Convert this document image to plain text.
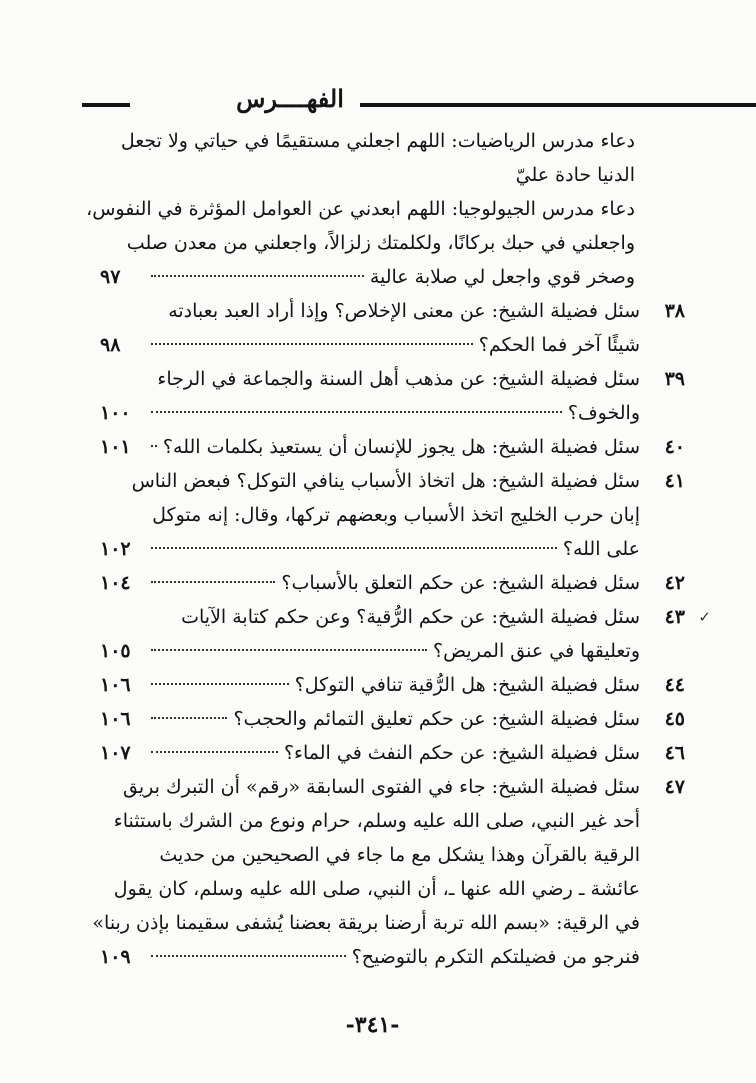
الفهــــرس
دعاء مدرس الرياضيات: اللهم اجعلني مستقيمًا في حياتي ولا تجعل
الدنيا حادة عليّ
دعاء مدرس الجيولوجيا: اللهم ابعدني عن العوامل المؤثرة في النفوس،
واجعلني في حبك بركانًا، ولكلمتك زلزالاً، واجعلني من معدن صلب
وصخر قوي واجعل لي صلابة عالية
٩٧
٣٨
سئل فضيلة الشيخ: عن معنى الإخلاص؟ وإذا أراد العبد بعبادته
شيئًا آخر فما الحكم؟
٩٨
٣٩
سئل فضيلة الشيخ: عن مذهب أهل السنة والجماعة في الرجاء
والخوف؟
١٠٠
٤٠
سئل فضيلة الشيخ: هل يجوز للإنسان أن يستعيذ بكلمات الله؟
١٠١
٤١
سئل فضيلة الشيخ: هل اتخاذ الأسباب ينافي التوكل؟ فبعض الناس
إبان حرب الخليج اتخذ الأسباب وبعضهم تركها، وقال: إنه متوكل
على الله؟
١٠٢
٤٢
سئل فضيلة الشيخ: عن حكم التعلق بالأسباب؟
١٠٤
٤٣ ✓
سئل فضيلة الشيخ: عن حكم الرُّقية؟ وعن حكم كتابة الآيات
وتعليقها في عنق المريض؟
١٠٥
٤٤
سئل فضيلة الشيخ: هل الرُّقية تنافي التوكل؟
١٠٦
٤٥
سئل فضيلة الشيخ: عن حكم تعليق التمائم والحجب؟
١٠٦
٤٦
سئل فضيلة الشيخ: عن حكم النفث في الماء؟
١٠٧
٤٧
سئل فضيلة الشيخ: جاء في الفتوى السابقة «رقم» أن التبرك بريق
أحد غير النبي، صلى الله عليه وسلم، حرام ونوع من الشرك باستثناء
الرقية بالقرآن وهذا يشكل مع ما جاء في الصحيحين من حديث
عائشة ـ رضي الله عنها ـ، أن النبي، صلى الله عليه وسلم، كان يقول
في الرقية: «بسم الله تربة أرضنا بريقة بعضنا يُشفى سقيمنا بإذن ربنا»
فنرجو من فضيلتكم التكرم بالتوضيح؟
١٠٩
-٣٤١-
